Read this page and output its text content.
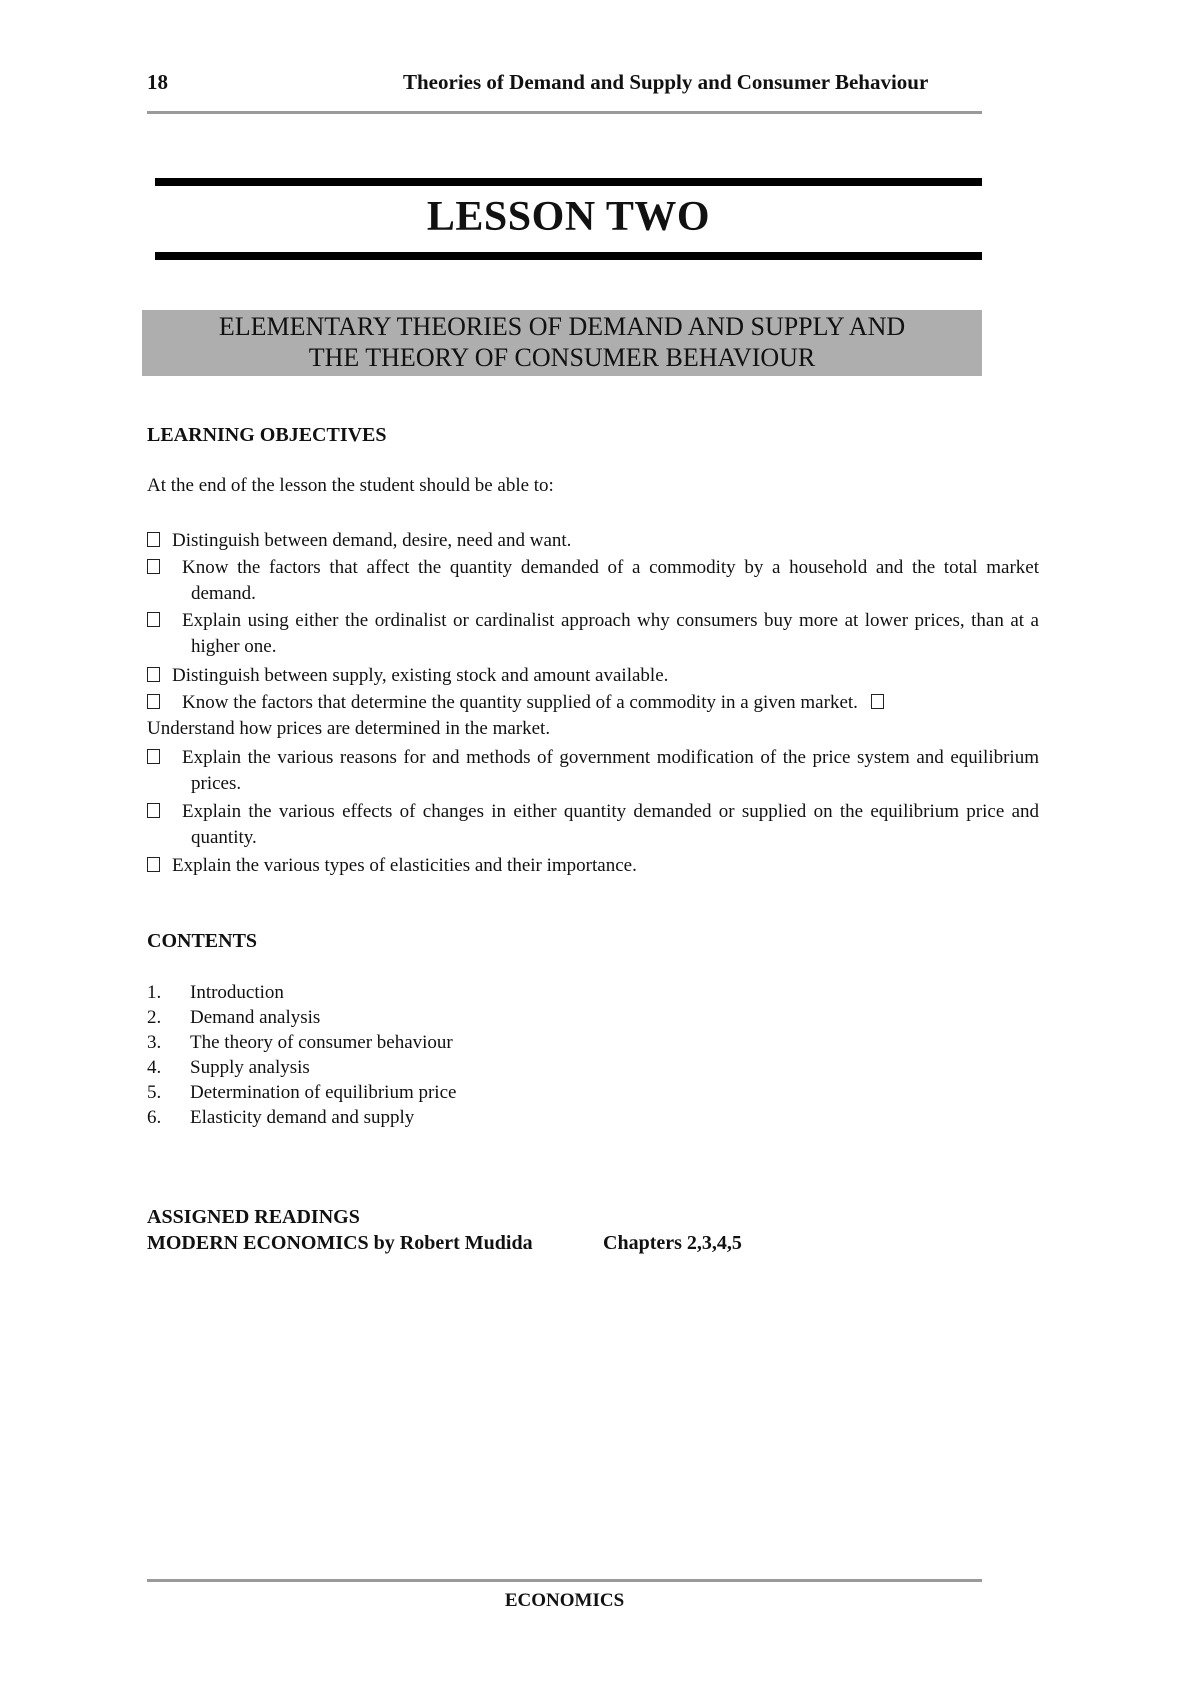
18	Theories of Demand and Supply and Consumer Behaviour
LESSON TWO
ELEMENTARY THEORIES OF DEMAND AND SUPPLY AND
THE THEORY OF CONSUMER BEHAVIOUR
LEARNING OBJECTIVES
At the end of the lesson the student should be able to:
Distinguish between demand, desire, need and want.
Know the factors that affect the quantity demanded of a commodity by a household and the total market demand.
Explain using either the ordinalist or cardinalist approach why consumers buy more at lower prices, than at a higher one.
Distinguish between supply, existing stock and amount available.
Know the factors that determine the quantity supplied of a commodity in a given market.
Understand how prices are determined in the market.
Explain the various reasons for and methods of government modification of the price system and equilibrium prices.
Explain the various effects of changes in either quantity demanded or supplied on the equilibrium price and quantity.
Explain the various types of elasticities and their importance.
CONTENTS
1. Introduction
2. Demand analysis
3. The theory of consumer behaviour
4. Supply analysis
5. Determination of equilibrium price
6. Elasticity demand and supply
ASSIGNED READINGS
MODERN ECONOMICS by Robert Mudida	Chapters 2,3,4,5
ECONOMICS
